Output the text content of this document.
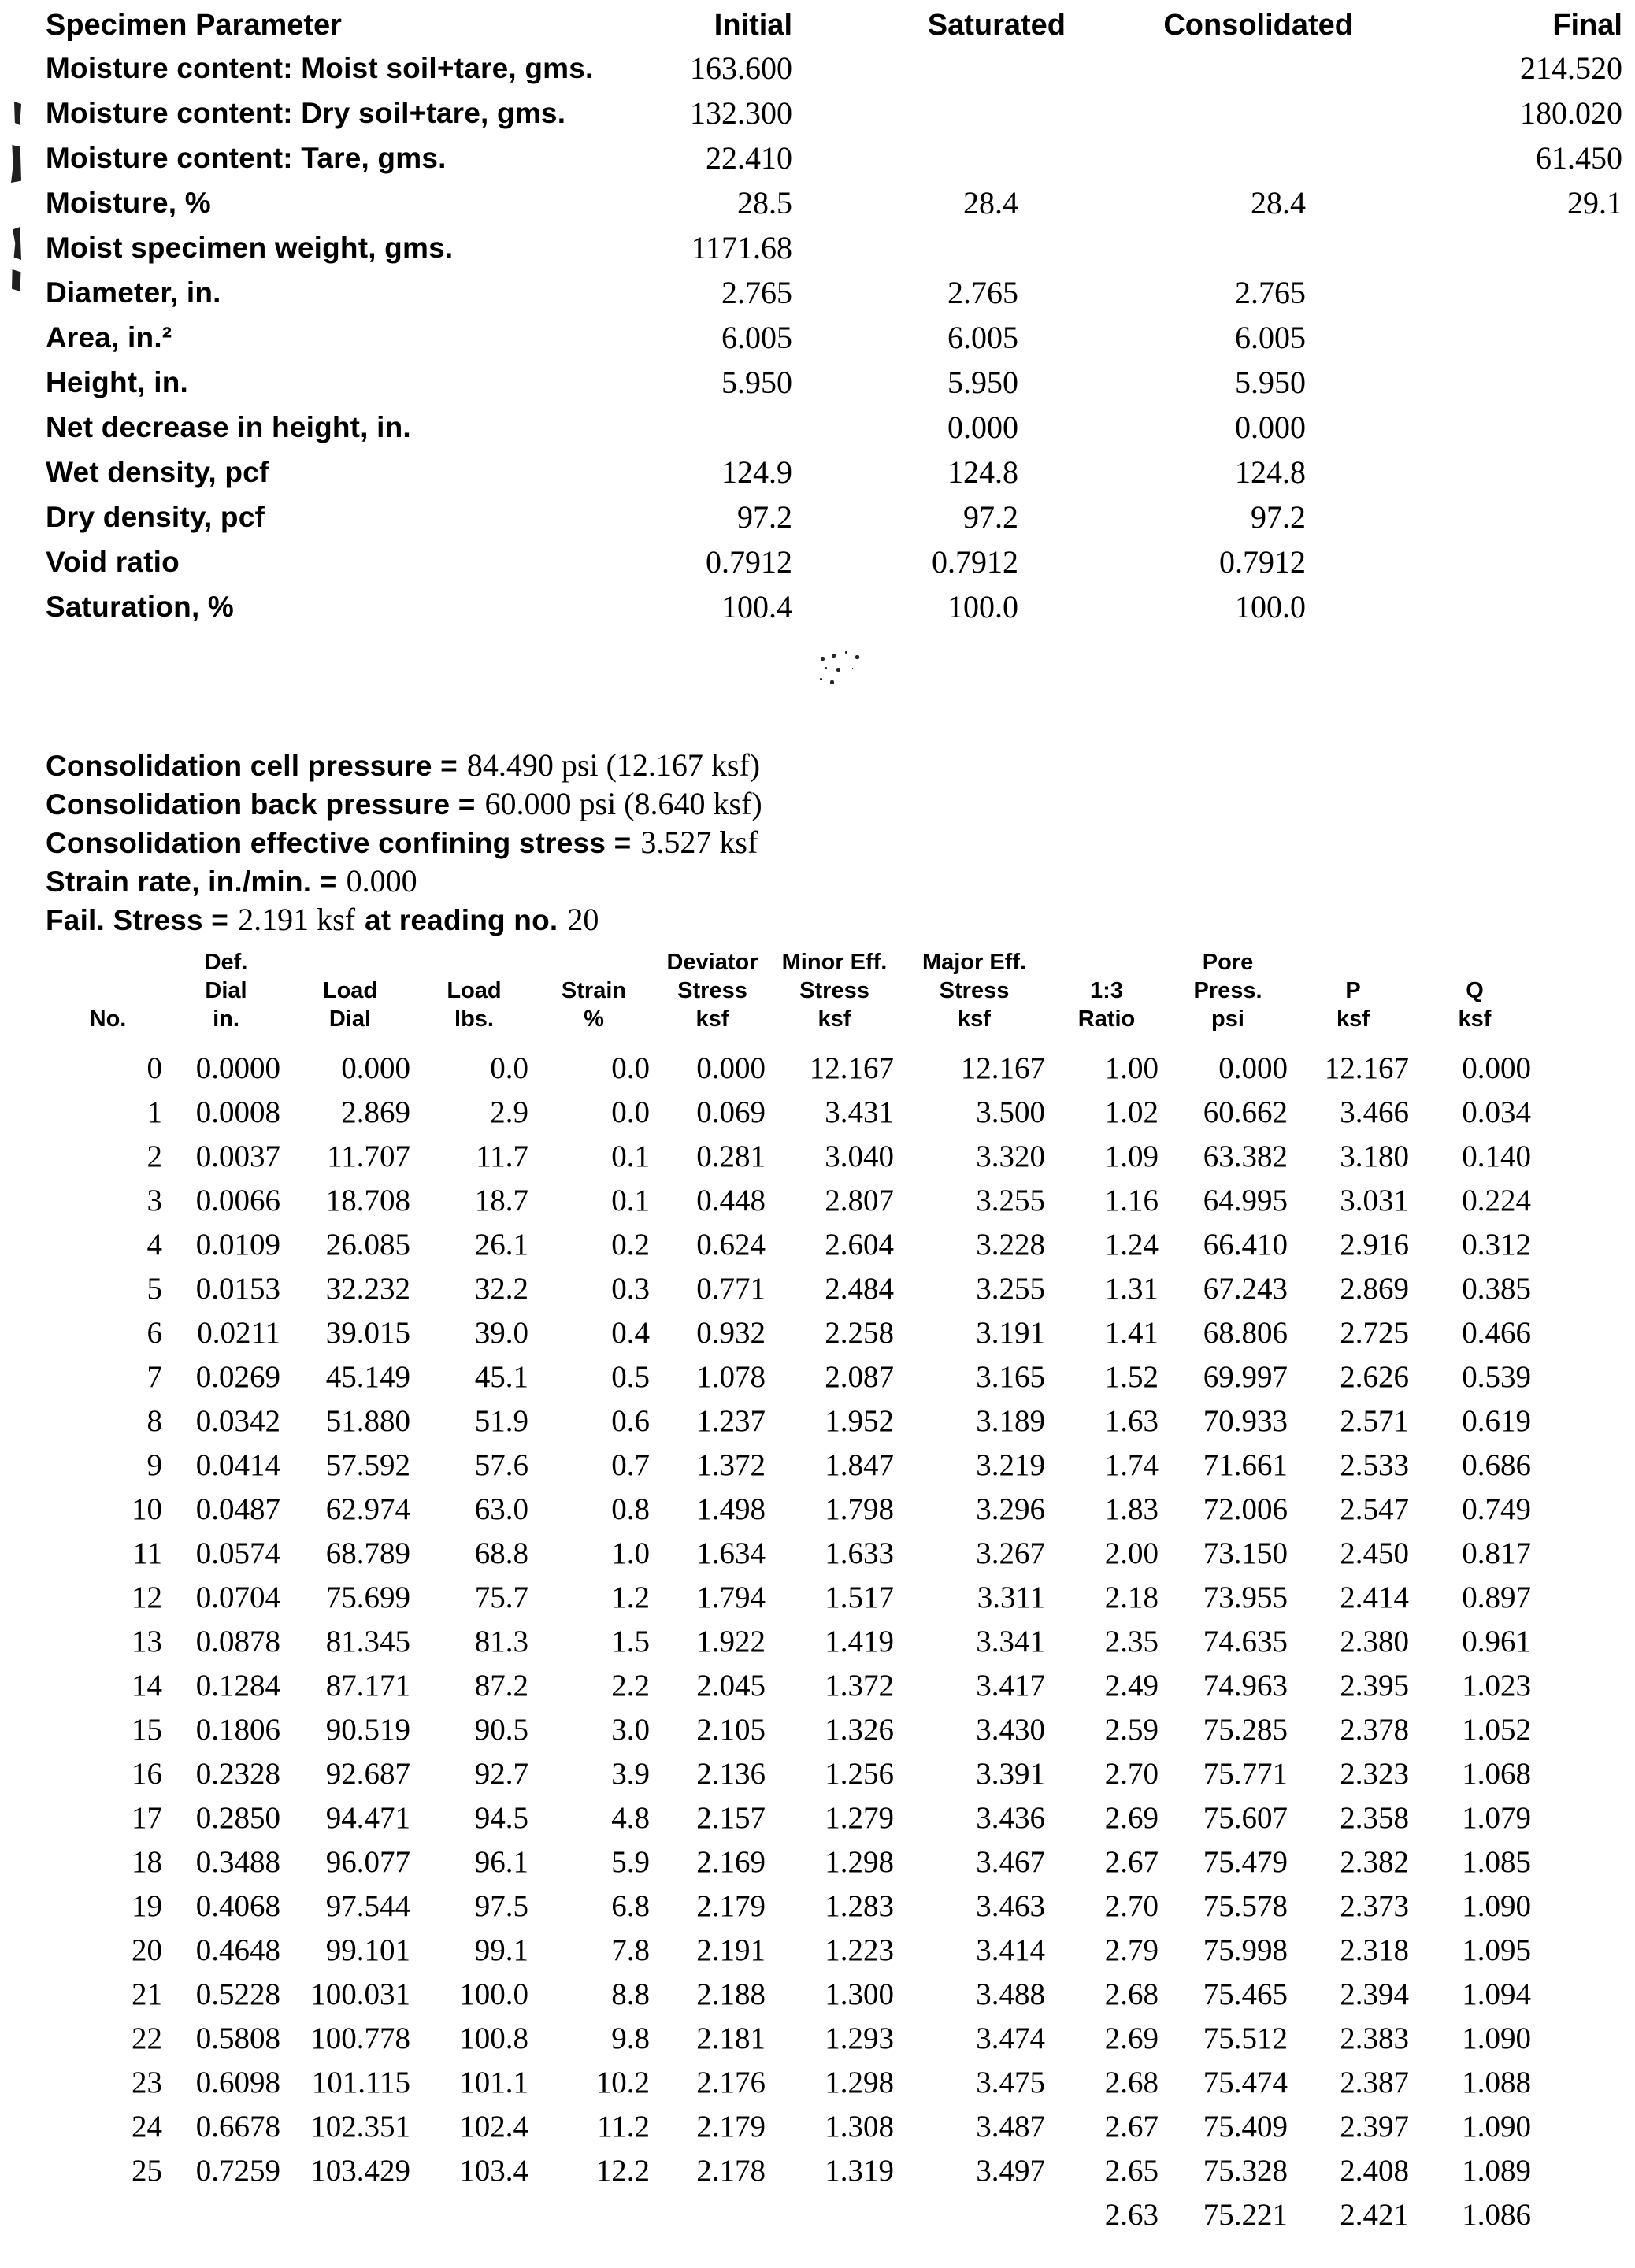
Specimen Parameter	Initial	Saturated	Consolidated	Final
Moisture content: Moist soil+tare, gms.	163.600			214.520
Moisture content: Dry soil+tare, gms.	132.300			180.020
Moisture content: Tare, gms.	22.410			61.450
Moisture, %	28.5	28.4	28.4	29.1
Moist specimen weight, gms.	1171.68			
Diameter, in.	2.765	2.765	2.765	
Area, in.²	6.005	6.005	6.005	
Height, in.	5.950	5.950	5.950	
Net decrease in height, in.		0.000	0.000	
Wet density, pcf	124.9	124.8	124.8	
Dry density, pcf	97.2	97.2	97.2	
Void ratio	0.7912	0.7912	0.7912	
Saturation, %	100.4	100.0	100.0	
Consolidation cell pressure = 84.490 psi (12.167 ksf)
Consolidation back pressure = 60.000 psi (8.640 ksf)
Consolidation effective confining stress = 3.527 ksf
Strain rate, in./min. = 0.000
Fail. Stress = 2.191 ksf at reading no. 20
	Def.				Deviator	Minor Eff.	Major Eff.		Pore		
	Dial	Load	Load	Strain	Stress	Stress	Stress	1:3	Press.	P	Q
No.	in.	Dial	lbs.	%	ksf	ksf	ksf	Ratio	psi	ksf	ksf
0	0.0000	0.000	0.0	0.0	0.000	12.167	12.167	1.00	0.000	12.167	0.000
1	0.0008	2.869	2.9	0.0	0.069	3.431	3.500	1.02	60.662	3.466	0.034
2	0.0037	11.707	11.7	0.1	0.281	3.040	3.320	1.09	63.382	3.180	0.140
3	0.0066	18.708	18.7	0.1	0.448	2.807	3.255	1.16	64.995	3.031	0.224
4	0.0109	26.085	26.1	0.2	0.624	2.604	3.228	1.24	66.410	2.916	0.312
5	0.0153	32.232	32.2	0.3	0.771	2.484	3.255	1.31	67.243	2.869	0.385
6	0.0211	39.015	39.0	0.4	0.932	2.258	3.191	1.41	68.806	2.725	0.466
7	0.0269	45.149	45.1	0.5	1.078	2.087	3.165	1.52	69.997	2.626	0.539
8	0.0342	51.880	51.9	0.6	1.237	1.952	3.189	1.63	70.933	2.571	0.619
9	0.0414	57.592	57.6	0.7	1.372	1.847	3.219	1.74	71.661	2.533	0.686
10	0.0487	62.974	63.0	0.8	1.498	1.798	3.296	1.83	72.006	2.547	0.749
11	0.0574	68.789	68.8	1.0	1.634	1.633	3.267	2.00	73.150	2.450	0.817
12	0.0704	75.699	75.7	1.2	1.794	1.517	3.311	2.18	73.955	2.414	0.897
13	0.0878	81.345	81.3	1.5	1.922	1.419	3.341	2.35	74.635	2.380	0.961
14	0.1284	87.171	87.2	2.2	2.045	1.372	3.417	2.49	74.963	2.395	1.023
15	0.1806	90.519	90.5	3.0	2.105	1.326	3.430	2.59	75.285	2.378	1.052
16	0.2328	92.687	92.7	3.9	2.136	1.256	3.391	2.70	75.771	2.323	1.068
17	0.2850	94.471	94.5	4.8	2.157	1.279	3.436	2.69	75.607	2.358	1.079
18	0.3488	96.077	96.1	5.9	2.169	1.298	3.467	2.67	75.479	2.382	1.085
19	0.4068	97.544	97.5	6.8	2.179	1.283	3.463	2.70	75.578	2.373	1.090
20	0.4648	99.101	99.1	7.8	2.191	1.223	3.414	2.79	75.998	2.318	1.095
21	0.5228	100.031	100.0	8.8	2.188	1.300	3.488	2.68	75.465	2.394	1.094
22	0.5808	100.778	100.8	9.8	2.181	1.293	3.474	2.69	75.512	2.383	1.090
23	0.6098	101.115	101.1	10.2	2.176	1.298	3.475	2.68	75.474	2.387	1.088
24	0.6678	102.351	102.4	11.2	2.179	1.308	3.487	2.67	75.409	2.397	1.090
25	0.7259	103.429	103.4	12.2	2.178	1.319	3.497	2.65	75.328	2.408	1.089
								2.63	75.221	2.421	1.086
